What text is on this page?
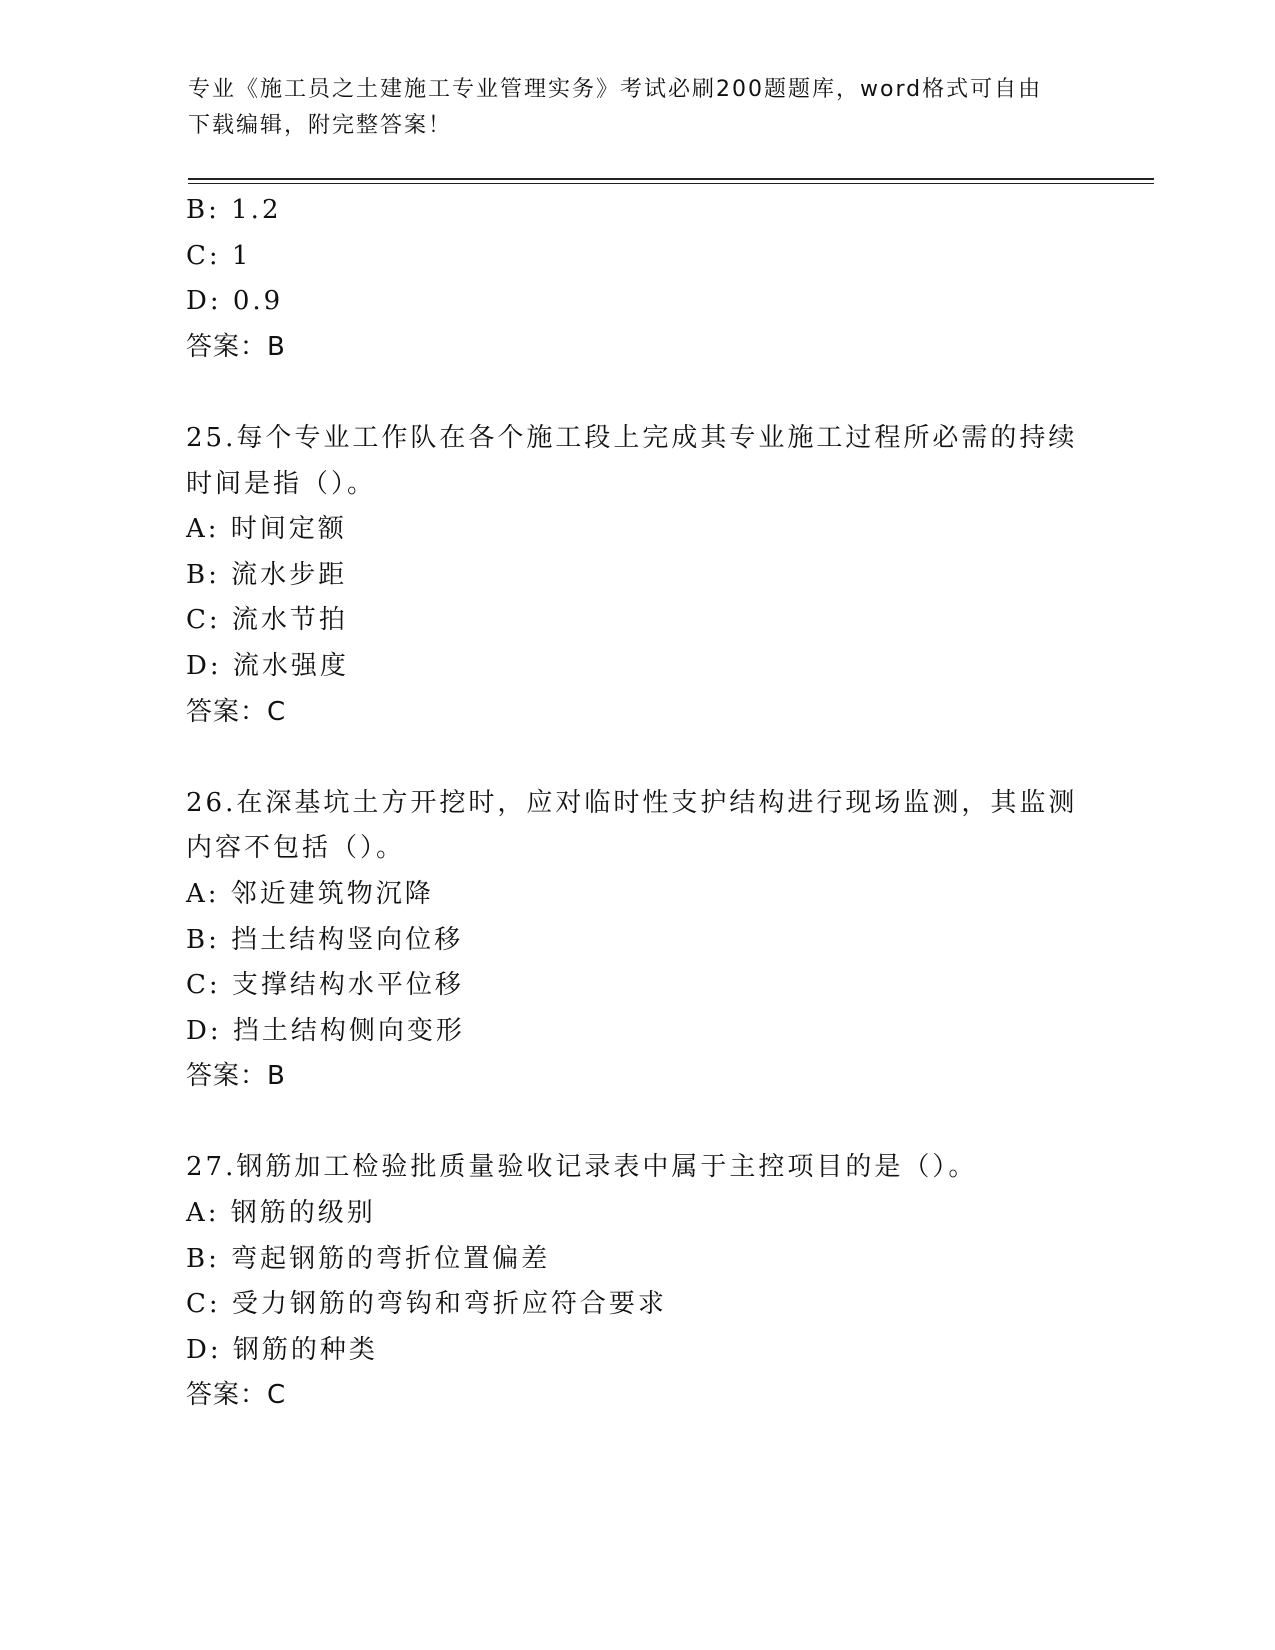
专业《施工员之土建施工专业管理实务》考试必刷200题题库，word格式可自由
下载编辑，附完整答案！
B: 1.2
C: 1
D: 0.9
答案：B
25.每个专业工作队在各个施工段上完成其专业施工过程所必需的持续
时间是指（）。
A: 时间定额
B: 流水步距
C: 流水节拍
D: 流水强度
答案：C
26.在深基坑土方开挖时，应对临时性支护结构进行现场监测，其监测
内容不包括（）。
A: 邻近建筑物沉降
B: 挡土结构竖向位移
C: 支撑结构水平位移
D: 挡土结构侧向变形
答案：B
27.钢筋加工检验批质量验收记录表中属于主控项目的是（）。
A: 钢筋的级别
B: 弯起钢筋的弯折位置偏差
C: 受力钢筋的弯钩和弯折应符合要求
D: 钢筋的种类
答案：C
